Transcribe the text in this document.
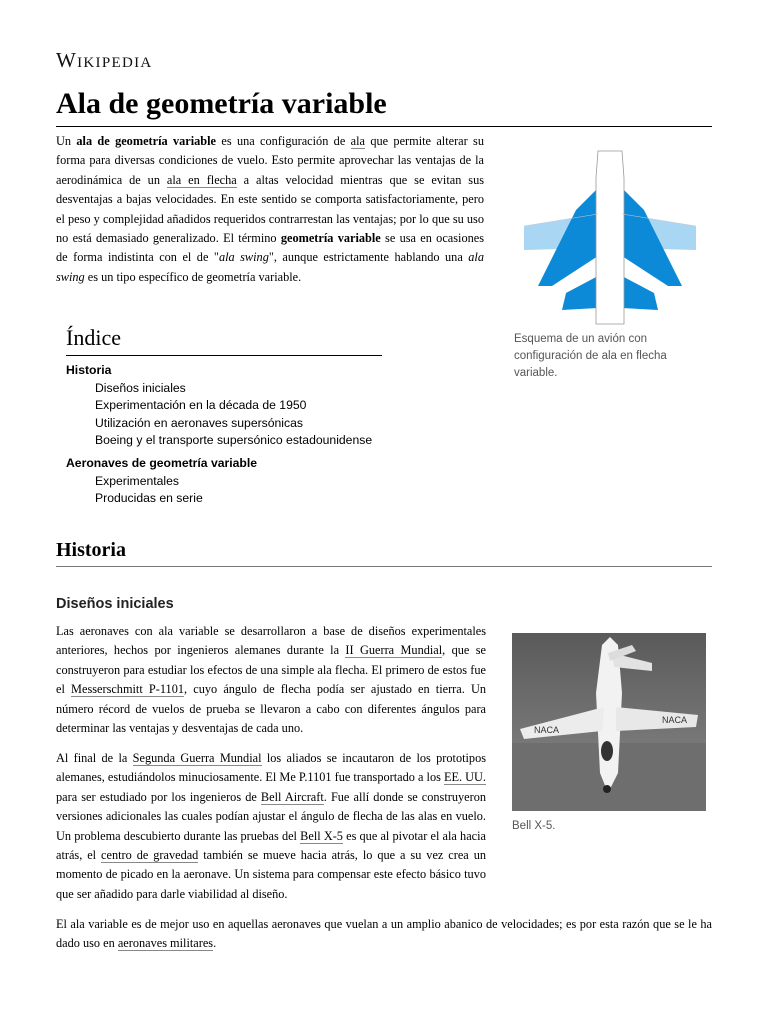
Wikipedia
Ala de geometría variable

Un ala de geometría variable es una configuración de ala que permite alterar su forma para diversas condiciones de vuelo. Esto permite aprovechar las ventajas de la aerodinámica de un ala en flecha a altas velocidad mientras que se evitan sus desventajas a bajas velocidades. En este sentido se comporta satisfactoriamente, pero el peso y complejidad añadidos requeridos contrarrestan las ventajas; por lo que su uso no está demasiado generalizado. El término geometría variable se usa en ocasiones de forma indistinta con el de "ala swing", aunque estrictamente hablando una ala swing es un tipo específico de geometría variable.

Esquema de un avión con configuración de ala en flecha variable.
Índice
Historia
Diseños iniciales
Experimentación en la década de 1950
Utilización en aeronaves supersónicas
Boeing y el transporte supersónico estadounidense
Aeronaves de geometría variable
Experimentales
Producidas en serie
Historia
Diseños iniciales
NACA
NACA
Bell X-5.

Las aeronaves con ala variable se desarrollaron a base de diseños experimentales anteriores, hechos por ingenieros alemanes durante la II Guerra Mundial, que se construyeron para estudiar los efectos de una simple ala flecha. El primero de estos fue el Messerschmitt P-1101, cuyo ángulo de flecha podía ser ajustado en tierra. Un número récord de vuelos de prueba se llevaron a cabo con diferentes ángulos para determinar las ventajas y desventajas de cada uno.

Al final de la Segunda Guerra Mundial los aliados se incautaron de los prototipos alemanes, estudiándolos minuciosamente. El Me P.1101 fue transportado a los EE. UU. para ser estudiado por los ingenieros de Bell Aircraft. Fue allí donde se construyeron versiones adicionales las cuales podían ajustar el ángulo de flecha de las alas en vuelo. Un problema descubierto durante las pruebas del Bell X-5 es que al pivotar el ala hacia atrás, el centro de gravedad también se mueve hacia atrás, lo que a su vez crea un momento de picado en la aeronave. Un sistema para compensar este efecto básico tuvo que ser añadido para darle viabilidad al diseño.

El ala variable es de mejor uso en aquellas aeronaves que vuelan a un amplio abanico de velocidades; es por esta razón que se le ha dado uso en aeronaves militares.
